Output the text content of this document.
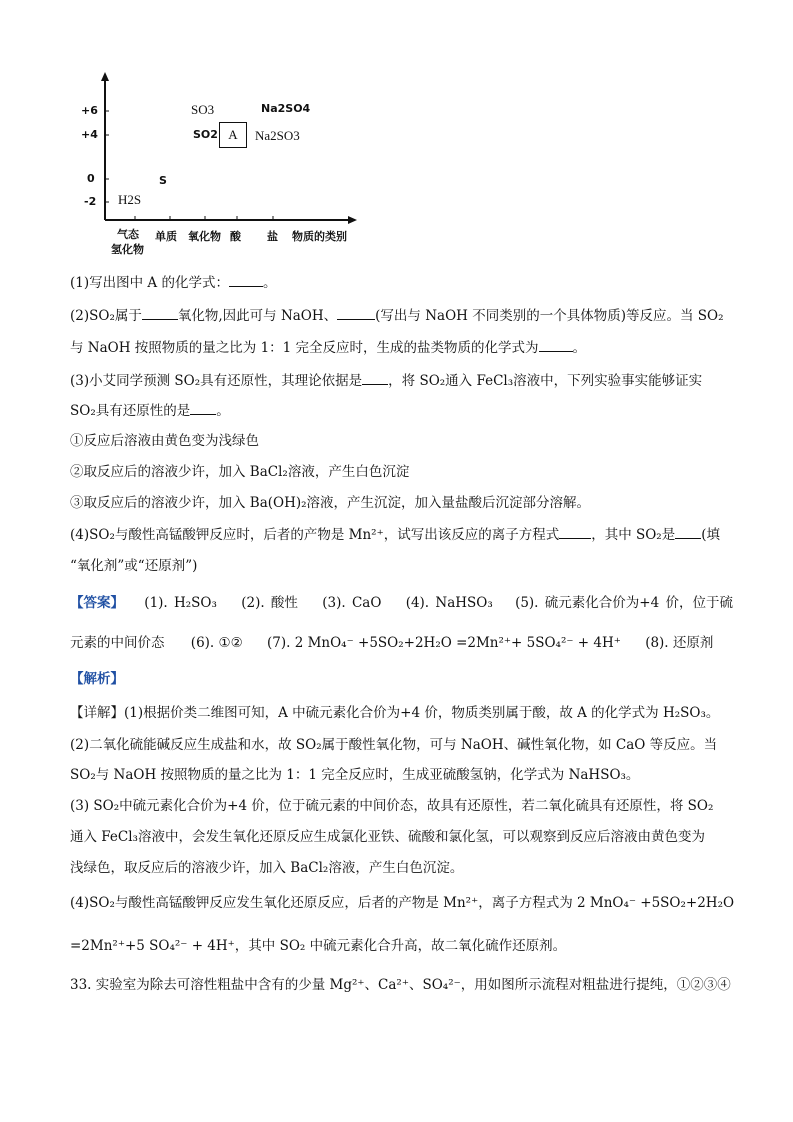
+6
+4
0
-2
气态
氢化物
单质 氧化物 酸 盐 物质的类别
SO3	Na2SO4
SO2 A	Na2SO3
S
H2S
(1)写出图中 A 的化学式：	。
(2)SO₂属于	氧化物,因此可与 NaOH、	(写出与 NaOH 不同类别的一个具体物质)等反应。当 SO₂
与 NaOH 按照物质的量之比为 1：1 完全反应时，生成的盐类物质的化学式为	。
(3)小艾同学预测 SO₂具有还原性，其理论依据是 ，将 SO₂通入 FeCl₃溶液中，下列实验事实能够证实
SO₂具有还原性的是 。
①反应后溶液由黄色变为浅绿色
②取反应后的溶液少许，加入 BaCl₂溶液，产生白色沉淀
③取反应后的溶液少许，加入 Ba(OH)₂溶液，产生沉淀，加入量盐酸后沉淀部分溶解。
(4)SO₂与酸性高锰酸钾反应时，后者的产物是 Mn²⁺，试写出该反应的离子方程式 ，其中 SO₂是 (填
“氧化剂”或“还原剂”)
【答案】 (1). H₂SO₃ (2). 酸性 (3). CaO (4). NaHSO₃ (5). 硫元素化合价为+4 价，位于硫
元素的中间价态 (6). ①② (7). 2 MnO₄⁻ +5SO₂+2H₂O =2Mn²⁺+ 5SO₄²⁻ + 4H⁺ (8). 还原剂
【解析】
【详解】(1)根据价类二维图可知，A 中硫元素化合价为+4 价，物质类别属于酸，故 A 的化学式为 H₂SO₃。
(2)二氧化硫能碱反应生成盐和水，故 SO₂属于酸性氧化物，可与 NaOH、碱性氧化物，如 CaO 等反应。当
SO₂与 NaOH 按照物质的量之比为 1：1 完全反应时，生成亚硫酸氢钠，化学式为 NaHSO₃。
(3) SO₂中硫元素化合价为+4 价，位于硫元素的中间价态，故具有还原性，若二氧化硫具有还原性，将 SO₂
通入 FeCl₃溶液中，会发生氧化还原反应生成氯化亚铁、硫酸和氯化氢，可以观察到反应后溶液由黄色变为
浅绿色，取反应后的溶液少许，加入 BaCl₂溶液，产生白色沉淀。
(4)SO₂与酸性高锰酸钾反应发生氧化还原反应，后者的产物是 Mn²⁺，离子方程式为 2 MnO₄⁻ +5SO₂+2H₂O
=2Mn²⁺+5 SO₄²⁻ + 4H⁺，其中 SO₂ 中硫元素化合升高，故二氧化硫作还原剂。
33. 实验室为除去可溶性粗盐中含有的少量 Mg²⁺、Ca²⁺、SO₄²⁻，用如图所示流程对粗盐进行提纯，①②③④
